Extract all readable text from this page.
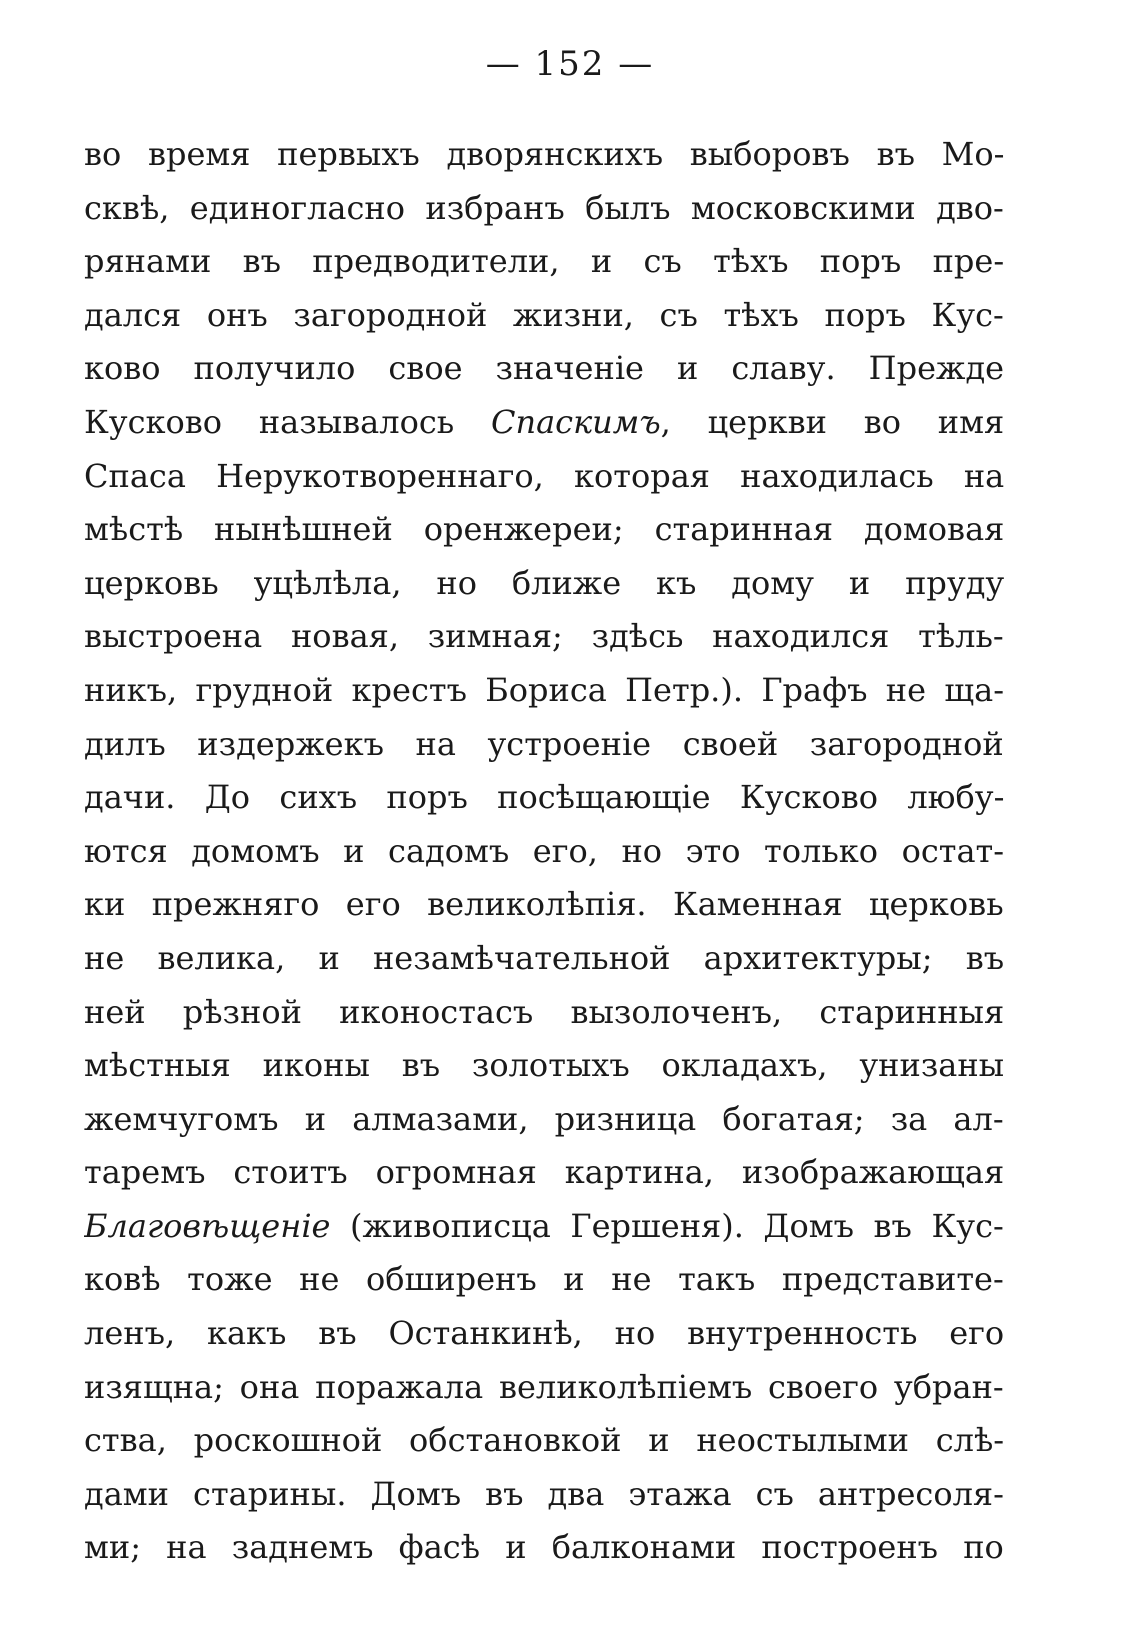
— 152 —
во время первыхъ дворянскихъ выборовъ въ Мо-
сквѣ, единогласно избранъ былъ московскими дво-
рянами въ предводители, и съ тѣхъ поръ пре-
дался онъ загородной жизни, съ тѣхъ поръ Кус-
ково получило свое значеніе и славу. Прежде
Кусково называлось Спаскимъ, церкви во имя
Спаса Нерукотвореннаго, которая находилась на
мѣстѣ нынѣшней оренжереи; старинная домовая
церковь уцѣлѣла, но ближе къ дому и пруду
выстроена новая, зимная; здѣсь находился тѣль-
никъ, грудной крестъ Бориса Петр.). Графъ не ща-
дилъ издержекъ на устроеніе своей загородной
дачи. До сихъ поръ посѣщающіе Кусково любу-
ются домомъ и садомъ его, но это только остат-
ки прежняго его великолѣпія. Каменная церковь
не велика, и незамѣчательной архитектуры; въ
ней рѣзной иконостасъ вызолоченъ, старинныя
мѣстныя иконы въ золотыхъ окладахъ, унизаны
жемчугомъ и алмазами, ризница богатая; за ал-
таремъ стоитъ огромная картина, изображающая
Благовѣщеніе (живописца Гершеня). Домъ въ Кус-
ковѣ тоже не обширенъ и не такъ представите-
ленъ, какъ въ Останкинѣ, но внутренность его
изящна; она поражала великолѣпіемъ своего убран-
ства, роскошной обстановкой и неостылыми слѣ-
дами старины. Домъ въ два этажа съ антресоля-
ми; на заднемъ фасѣ и балконами построенъ по
